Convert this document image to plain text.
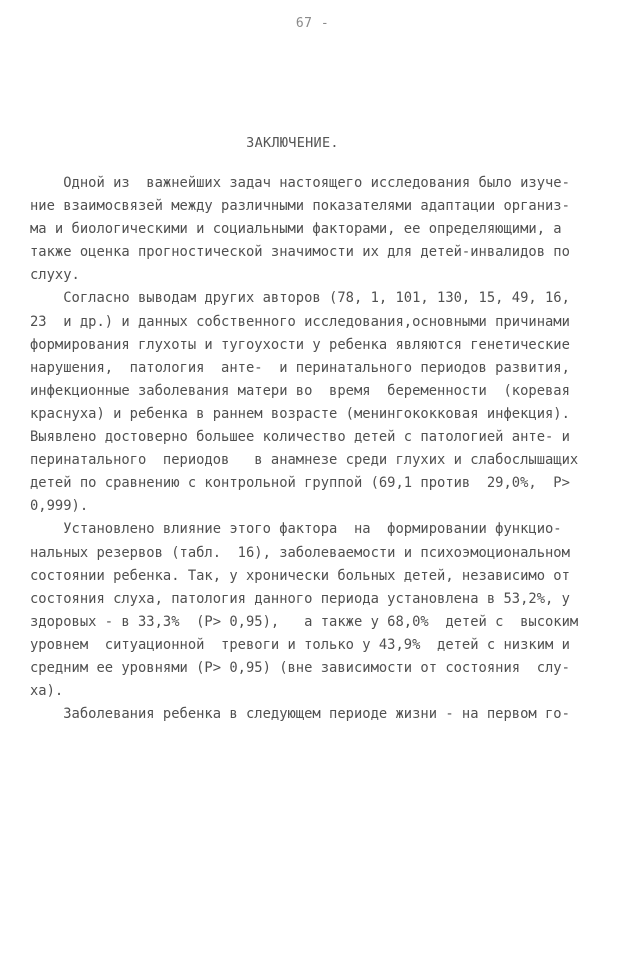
67 -
ЗАКЛЮЧЕНИЕ.
Одной из  важнейших задач настоящего исследования было изуче-
ние взаимосвязей между различными показателями адаптации организ-
ма и биологическими и социальными факторами, ее определяющими, а
также оценка прогностической значимости их для детей-инвалидов по
слуху.
Согласно выводам других авторов (78, 1, 101, 130, 15, 49, 16,
23  и др.) и данных собственного исследования,основными причинами
формирования глухоты и тугоухости у ребенка являются генетические
нарушения,  патология  анте-  и перинатального периодов развития,
инфекционные заболевания матери во  время  беременности  (коревая
краснуха) и ребенка в раннем возрасте (менингококковая инфекция).
Выявлено достоверно большее количество детей с патологией анте- и
перинатального  периодов   в анамнезе среди глухих и слабослышащих
детей по сравнению с контрольной группой (69,1 против  29,0%,  P>
0,999).
Установлено влияние этого фактора  на  формировании функцио-
нальных резервов (табл.  16), заболеваемости и психоэмоциональном
состоянии ребенка. Так, у хронически больных детей, независимо от
состояния слуха, патология данного периода установлена в 53,2%, у
здоровых - в 33,3%  (P> 0,95),   а также у 68,0%  детей с  высоким
уровнем  ситуационной  тревоги и только у 43,9%  детей с низким и
средним ее уровнями (P> 0,95) (вне зависимости от состояния  слу-
ха).
Заболевания ребенка в следующем периоде жизни - на первом го-
